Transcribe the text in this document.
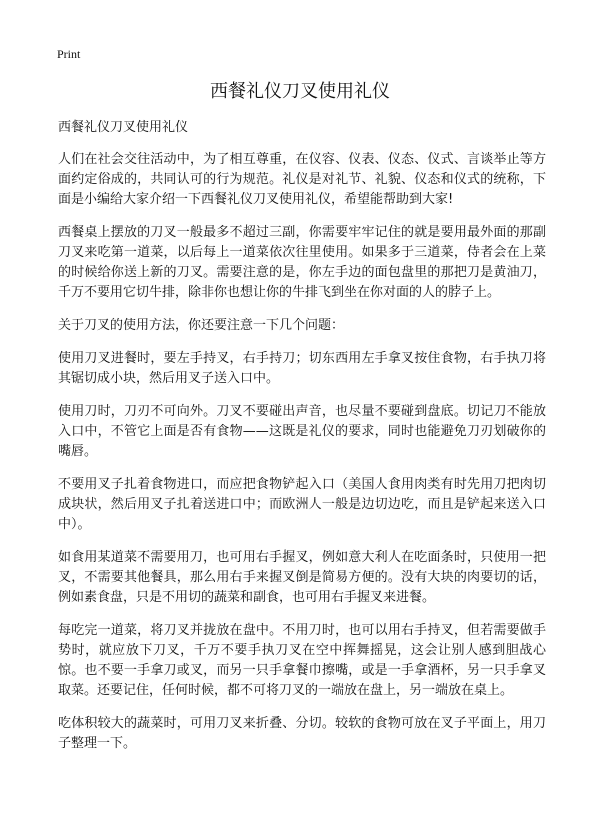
Print
西餐礼仪刀叉使用礼仪

西餐礼仪刀叉使用礼仪

人们在社会交往活动中，为了相互尊重，在仪容、仪表、仪态、仪式、言谈举止等方面约定俗成的，共同认可的行为规范。礼仪是对礼节、礼貌、仪态和仪式的统称，下面是小编给大家介绍一下西餐礼仪刀叉使用礼仪，希望能帮助到大家!

西餐桌上摆放的刀叉一般最多不超过三副，你需要牢牢记住的就是要用最外面的那副刀叉来吃第一道菜，以后每上一道菜依次往里使用。如果多于三道菜，侍者会在上菜的时候给你送上新的刀叉。需要注意的是，你左手边的面包盘里的那把刀是黄油刀，千万不要用它切牛排，除非你也想让你的牛排飞到坐在你对面的人的脖子上。

关于刀叉的使用方法，你还要注意一下几个问题：

使用刀叉进餐时，要左手持叉，右手持刀；切东西用左手拿叉按住食物，右手执刀将其锯切成小块，然后用叉子送入口中。

使用刀时，刀刃不可向外。刀叉不要碰出声音，也尽量不要碰到盘底。切记刀不能放入口中，不管它上面是否有食物——这既是礼仪的要求，同时也能避免刀刃划破你的嘴唇。

不要用叉子扎着食物进口，而应把食物铲起入口（美国人食用肉类有时先用刀把肉切成块状，然后用叉子扎着送进口中；而欧洲人一般是边切边吃，而且是铲起来送入口中）。

如食用某道菜不需要用刀，也可用右手握叉，例如意大利人在吃面条时，只使用一把叉，不需要其他餐具，那么用右手来握叉倒是简易方便的。没有大块的肉要切的话，例如素食盘，只是不用切的蔬菜和副食，也可用右手握叉来进餐。

每吃完一道菜，将刀叉并拢放在盘中。不用刀时，也可以用右手持叉，但若需要做手势时，就应放下刀叉，千万不要手执刀叉在空中挥舞摇晃，这会让别人感到胆战心惊。也不要一手拿刀或叉，而另一只手拿餐巾擦嘴，或是一手拿酒杯，另一只手拿叉取菜。还要记住，任何时候，都不可将刀叉的一端放在盘上，另一端放在桌上。

吃体积较大的蔬菜时，可用刀叉来折叠、分切。较软的食物可放在叉子平面上，用刀子整理一下。
